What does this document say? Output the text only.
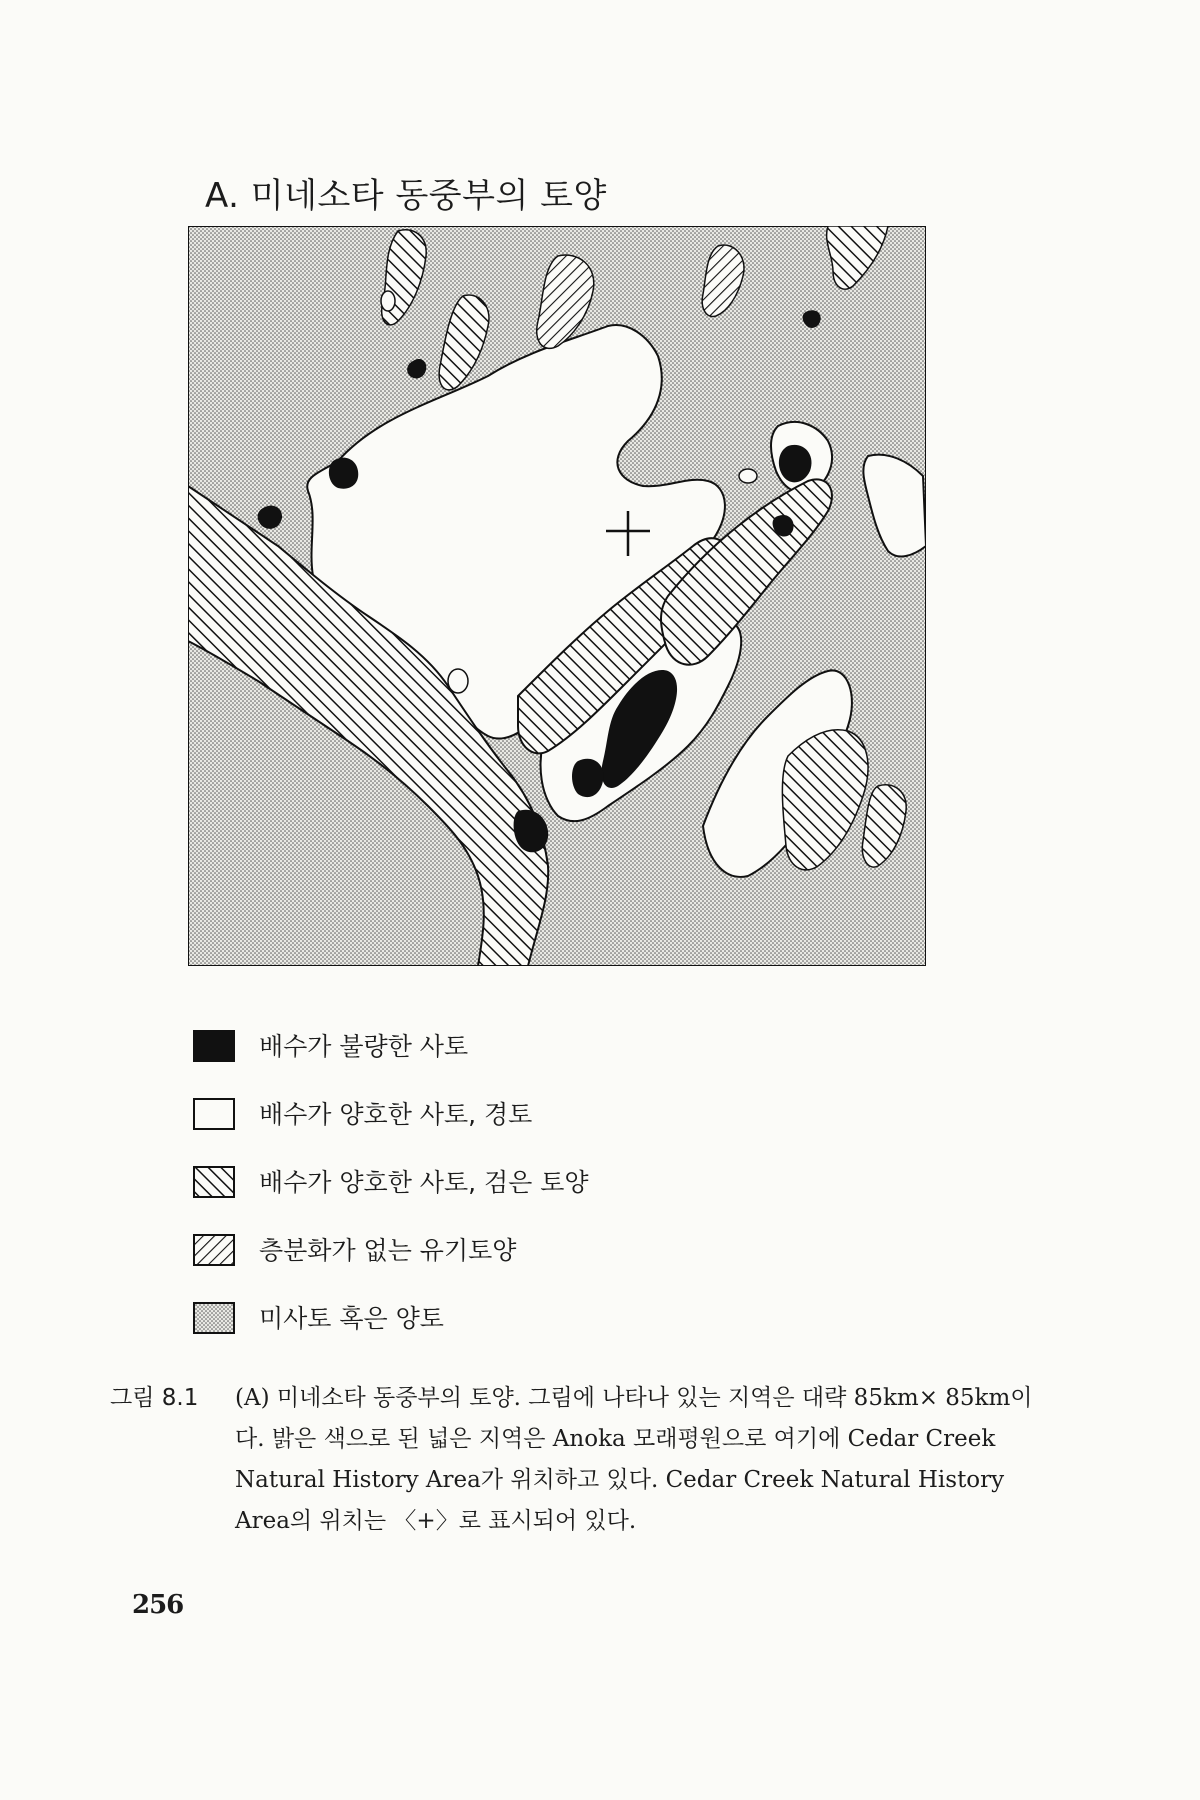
A. 미네소타 동중부의 토양
배수가 불량한 사토
배수가 양호한 사토, 경토
배수가 양호한 사토, 검은 토양
층분화가 없는 유기토양
미사토 혹은 양토
그림 8.1 (A) 미네소타 동중부의 토양. 그림에 나타나 있는 지역은 대략 85km× 85km이다. 밝은 색으로 된 넓은 지역은 Anoka 모래평원으로 여기에 Cedar Creek Natural History Area가 위치하고 있다. Cedar Creek Natural History Area의 위치는 〈+〉로 표시되어 있다.
256
